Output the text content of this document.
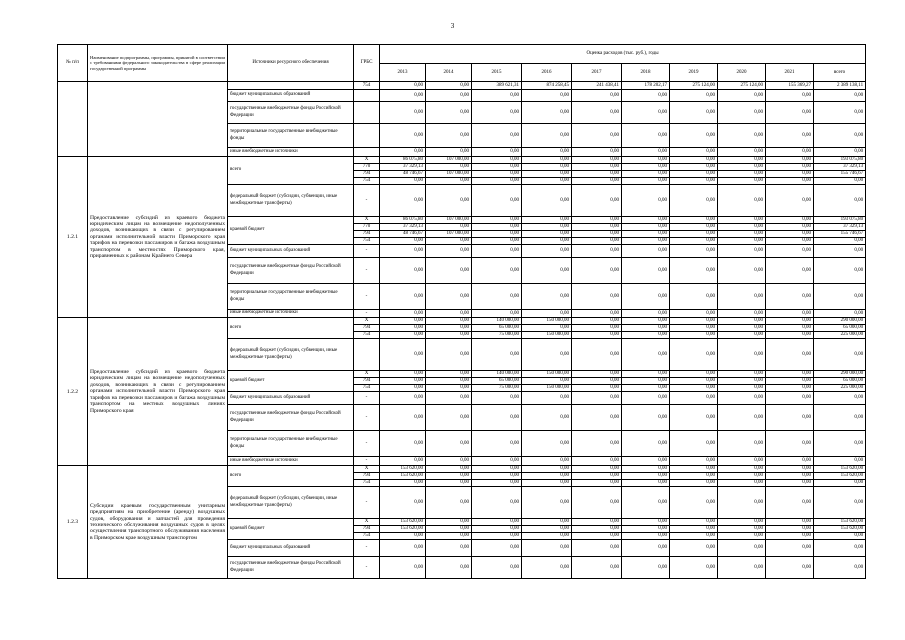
3
№ п/п	Наименование подпрограммы, программы, принятой в соответствии с требованиями федерального законодательства в сфере реализации государственной программы	Источники ресурсного обеспечения	ГРБС	Оценка расходов (тыс. руб.), годы									
				2013	2014	2015	2016	2017	2018	2019	2020	2021	всего
			754	0,00	0,00	389 621,31	874 258,45	241 438,41	178 202,17	275 124,00	275 124,00	155 369,27	2 389 138,11
		бюджет муниципальных образований		0,00	0,00	0,00	0,00	0,00	0,00	0,00	0,00	0,00	0,00
		государственные внебюджетные фонды Российской Федерации		0,00	0,00	0,00	0,00	0,00	0,00	0,00	0,00	0,00	0,00
		территориальные государственные внебюджетные фонды		0,00	0,00	0,00	0,00	0,00	0,00	0,00	0,00	0,00	0,00
		иные внебюджетные источники		0,00	0,00	0,00	0,00	0,00	0,00	0,00	0,00	0,00	0,00
1.2.1	Предоставление субсидий из краевого бюджета юридическим лицам на возмещение недополученных доходов, возникающих в связи с регулированием органами исполнительной власти Приморского края тарифов на перевозки пассажиров и багажа воздушным транспортом в местностях Приморского края, приравненных к районам Крайнего Севера	всего	X	86 075,80	107 000,00	0,00	0,00	0,00	0,00	0,00	0,00	0,00	193 075,80
			770	37 329,13	0,00	0,00	0,00	0,00	0,00	0,00	0,00	0,00	37 329,13
			794	48 746,67	107 000,00	0,00	0,00	0,00	0,00	0,00	0,00	0,00	155 746,67
			754	0,00	0,00	0,00	0,00	0,00	0,00	0,00	0,00	0,00	0,00
		федеральный бюджет (субсидии, субвенции, иные межбюджетные трансферты)	-	0,00	0,00	0,00	0,00	0,00	0,00	0,00	0,00	0,00	0,00
		краевой бюджет	X	86 075,80	107 000,00	0,00	0,00	0,00	0,00	0,00	0,00	0,00	193 075,80
			770	37 329,13	0,00	0,00	0,00	0,00	0,00	0,00	0,00	0,00	37 329,13
			794	48 746,67	107 000,00	0,00	0,00	0,00	0,00	0,00	0,00	0,00	155 746,67
			754	0,00	0,00	0,00	0,00	0,00	0,00	0,00	0,00	0,00	0,00
		бюджет муниципальных образований	-	0,00	0,00	0,00	0,00	0,00	0,00	0,00	0,00	0,00	0,00
		государственные внебюджетные фонды Российской Федерации	-	0,00	0,00	0,00	0,00	0,00	0,00	0,00	0,00	0,00	0,00
		территориальные государственные внебюджетные фонды	-	0,00	0,00	0,00	0,00	0,00	0,00	0,00	0,00	0,00	0,00
		иные внебюджетные источники	-	0,00	0,00	0,00	0,00	0,00	0,00	0,00	0,00	0,00	0,00
1.2.2	Предоставление субсидий из краевого бюджета юридическим лицам на возмещение недополученных доходов, возникающих в связи с регулированием органами исполнительной власти Приморского края тарифов на перевозки пассажиров и багажа воздушным транспортом на местных воздушных линиях Приморского края	всего	X	0,00	0,00	140 000,00	150 000,00	0,00	0,00	0,00	0,00	0,00	290 000,00
			794	0,00	0,00	65 000,00	0,00	0,00	0,00	0,00	0,00	0,00	65 000,00
			754	0,00	0,00	75 000,00	150 000,00	0,00	0,00	0,00	0,00	0,00	225 000,00
		федеральный бюджет (субсидии, субвенции, иные межбюджетные трансферты)		0,00	0,00	0,00	0,00	0,00	0,00	0,00	0,00	0,00	0,00
		краевой бюджет	X	0,00	0,00	140 000,00	150 000,00	0,00	0,00	0,00	0,00	0,00	290 000,00
			794	0,00	0,00	65 000,00	0,00	0,00	0,00	0,00	0,00	0,00	65 000,00
			754	0,00	0,00	75 000,00	150 000,00	0,00	0,00	0,00	0,00	0,00	225 000,00
		бюджет муниципальных образований	-	0,00	0,00	0,00	0,00	0,00	0,00	0,00	0,00	0,00	0,00
		государственные внебюджетные фонды Российской Федерации	-	0,00	0,00	0,00	0,00	0,00	0,00	0,00	0,00	0,00	0,00
		территориальные государственные внебюджетные фонды	-	0,00	0,00	0,00	0,00	0,00	0,00	0,00	0,00	0,00	0,00
		иные внебюджетные источники	-	0,00	0,00	0,00	0,00	0,00	0,00	0,00	0,00	0,00	0,00
1.2.3	Субсидии краевым государственным унитарным предприятиям на приобретение (аренду) воздушных судов, оборудования и запчастей для проведения технического обслуживания воздушных судов в целях осуществления транспортного обслуживания населения в Приморском крае воздушным транспортом	всего	X	153 620,00	0,00	0,00	0,00	0,00	0,00	0,00	0,00	0,00	153 620,00
			794	153 620,00	0,00	0,00	0,00	0,00	0,00	0,00	0,00	0,00	153 620,00
			754	0,00	0,00	0,00	0,00	0,00	0,00	0,00	0,00	0,00	0,00
		федеральный бюджет (субсидии, субвенции, иные межбюджетные трансферты)	-	0,00	0,00	0,00	0,00	0,00	0,00	0,00	0,00	0,00	0,00
		краевой бюджет	X	153 620,00	0,00	0,00	0,00	0,00	0,00	0,00	0,00	0,00	153 620,00
			794	153 620,00	0,00	0,00	0,00	0,00	0,00	0,00	0,00	0,00	153 620,00
			754	0,00	0,00	0,00	0,00	0,00	0,00	0,00	0,00	0,00	0,00
		бюджет муниципальных образований	-	0,00	0,00	0,00	0,00	0,00	0,00	0,00	0,00	0,00	0,00
		государственные внебюджетные фонды Российской Федерации	-	0,00	0,00	0,00	0,00	0,00	0,00	0,00	0,00	0,00	0,00
